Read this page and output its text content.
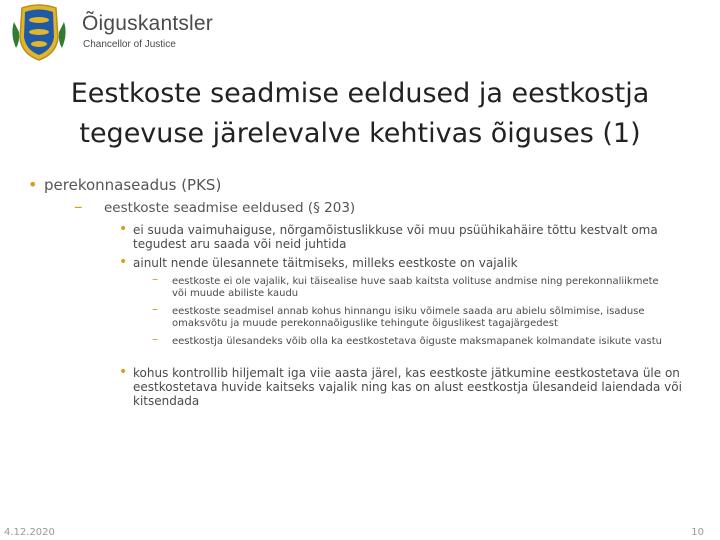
Õiguskantsler
Chancellor of Justice
Eestkoste seadmise eeldused ja eestkostja
tegevuse järelevalve kehtivas õiguses (1)
• perekonnaseadus (PKS)
– eestkoste seadmise eeldused (§ 203)
• ei suuda vaimuhaiguse, nõrgamõistuslikkuse või muu psüühikahäire tõttu kestvalt oma tegudest aru saada või neid juhtida
• ainult nende ülesannete täitmiseks, milleks eestkoste on vajalik
– eestkoste ei ole vajalik, kui täisealise huve saab kaitsta volituse andmise ning perekonnaliikmete või muude abiliste kaudu
– eestkoste seadmisel annab kohus hinnangu isiku võimele saada aru abielu sõlmimise, isaduse omaksvõtu ja muude perekonnaõiguslike tehingute õiguslikest tagajärgedest
– eestkostja ülesandeks võib olla ka eestkostetava õiguste maksmapanek kolmandate isikute vastu
• kohus kontrollib hiljemalt iga viie aasta järel, kas eestkoste jätkumine eestkostetava üle on eestkostetava huvide kaitseks vajalik ning kas on alust eestkostja ülesandeid laiendada või kitsendada
4.12.2020	10
